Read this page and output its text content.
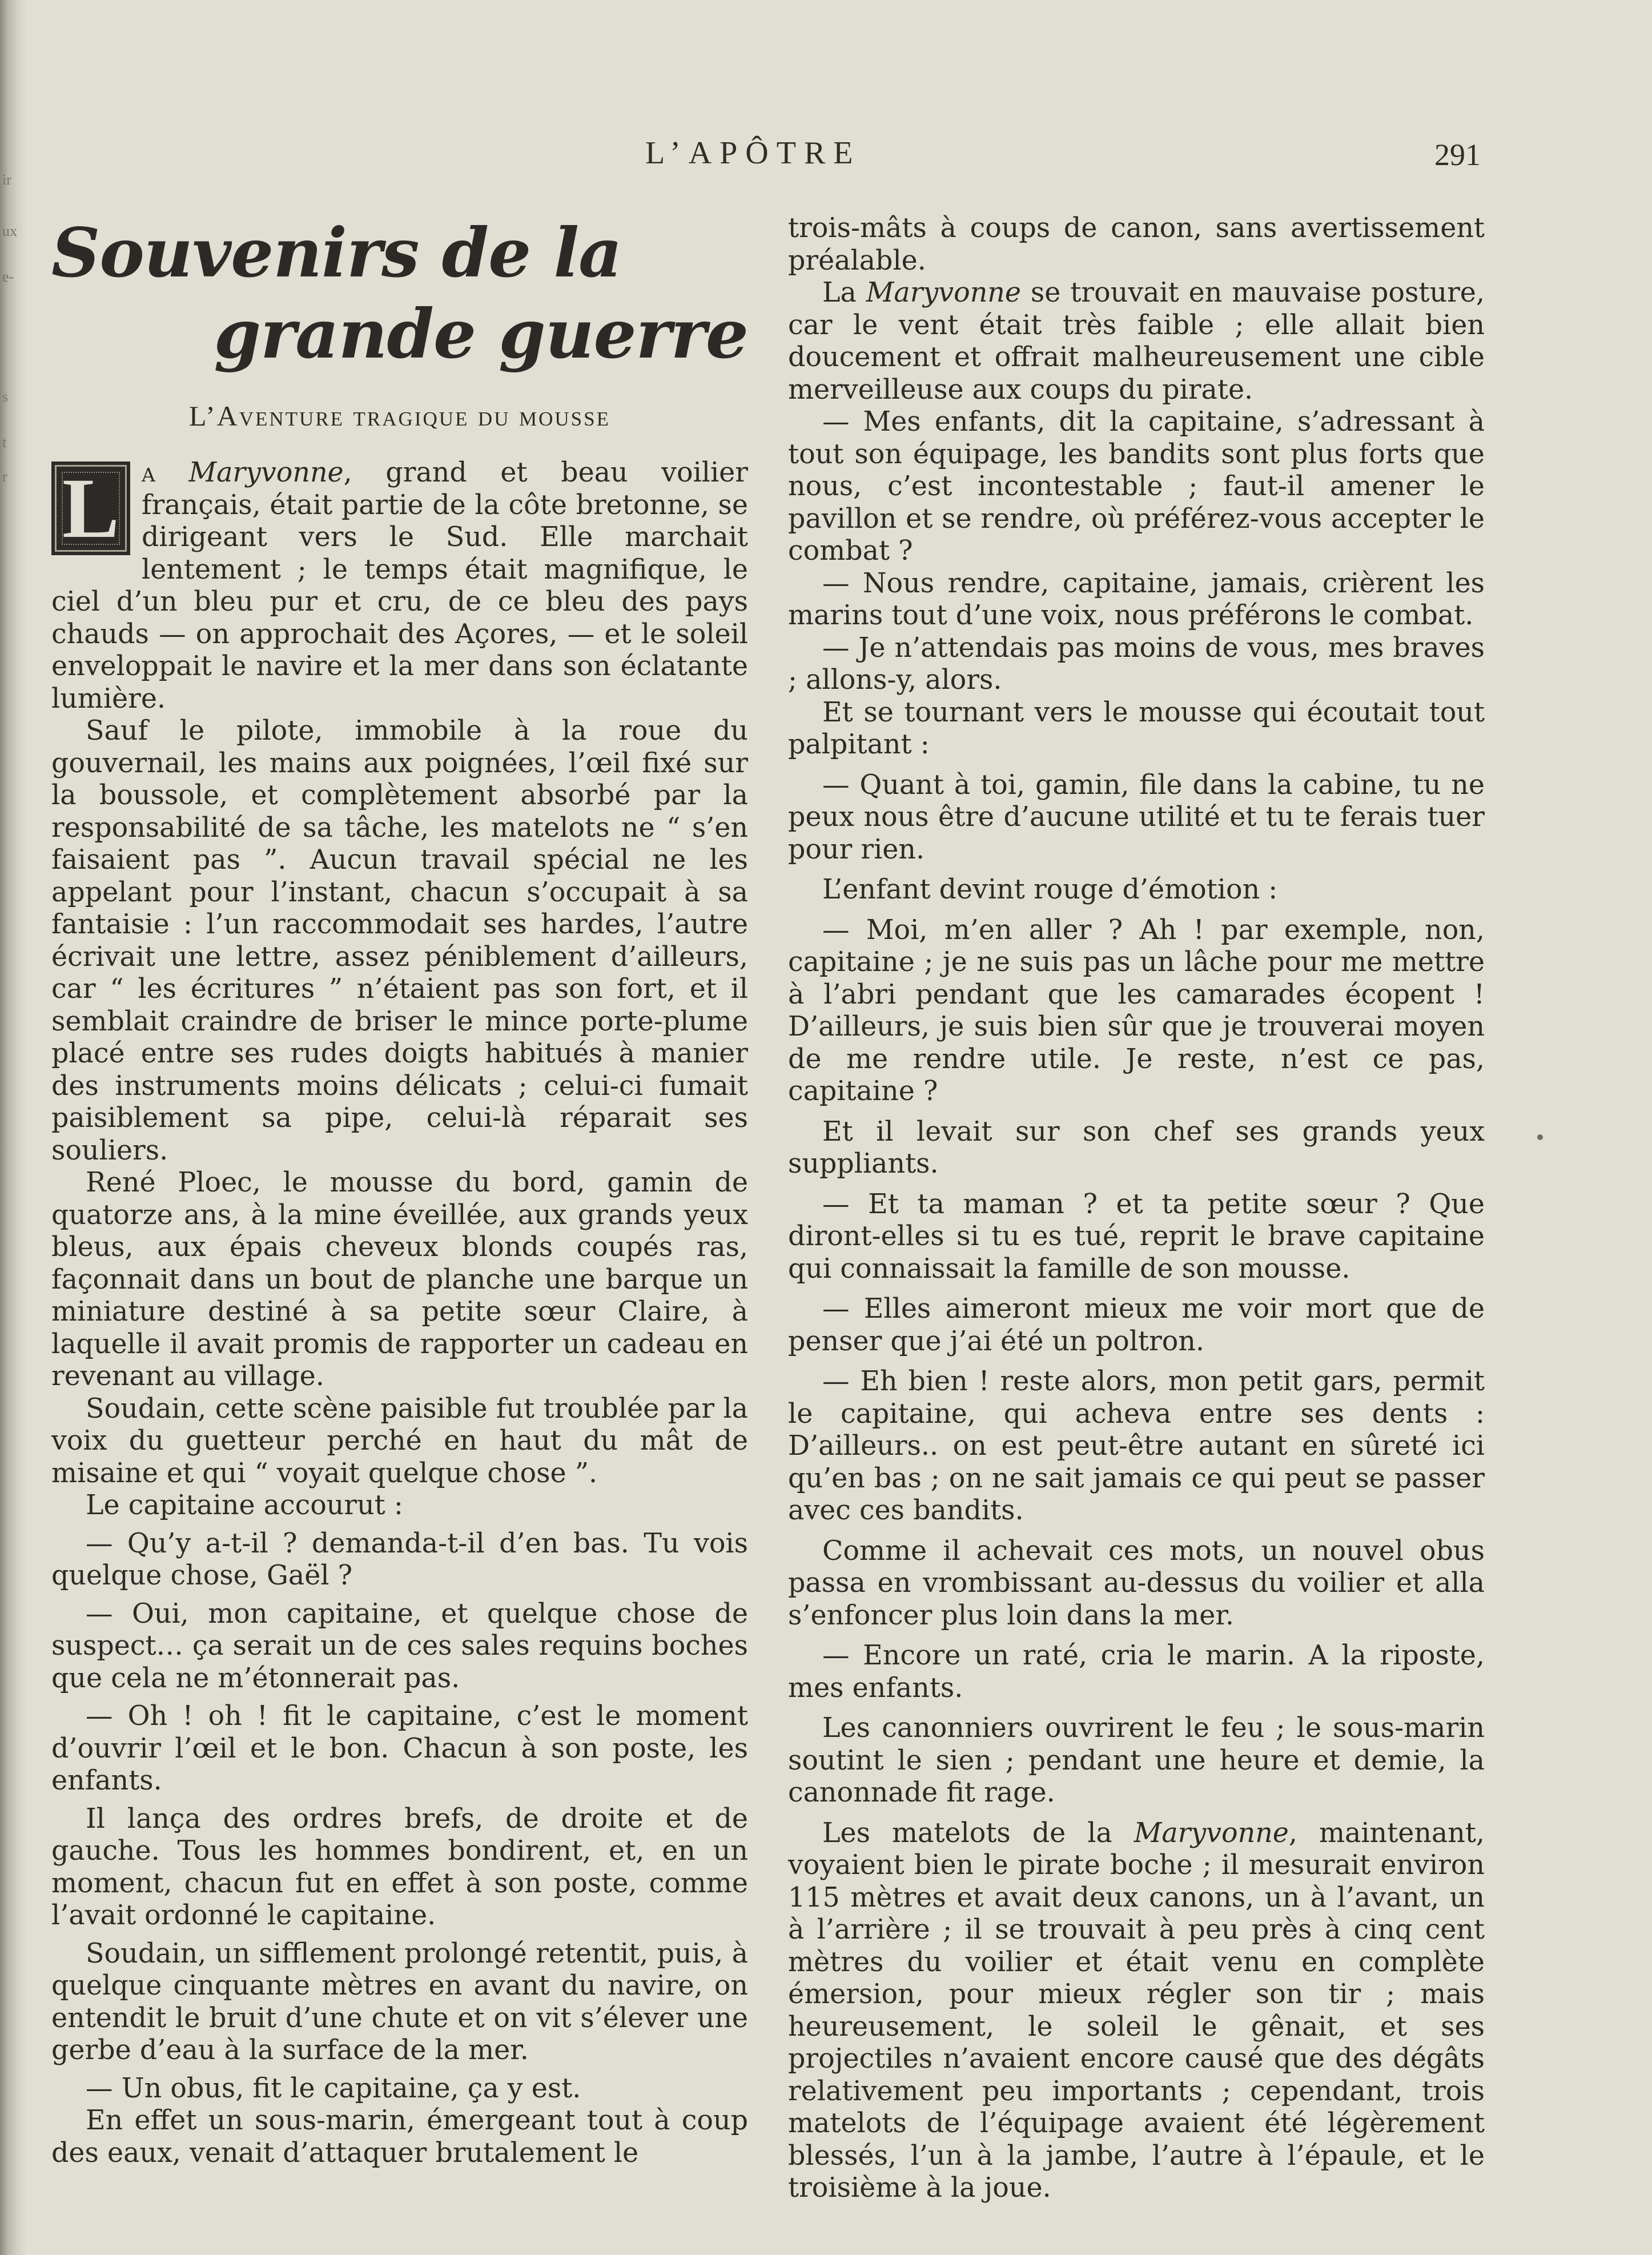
ir
ux
e-
s
t
r

L’APÔTRE	291

Souvenirs de la
grande guerre
L’Aventure tragique du mousse

L a Maryvonne, grand et beau voilier français, était partie de la côte bretonne, se dirigeant vers le Sud. Elle marchait lentement ; le temps était magnifique, le ciel d’un bleu pur et cru, de ce bleu des pays chauds — on approchait des Açores, — et le soleil enveloppait le navire et la mer dans son éclatante lumière.

Sauf le pilote, immobile à la roue du gouvernail, les mains aux poignées, l’œil fixé sur la boussole, et complètement absorbé par la responsabilité de sa tâche, les matelots ne “ s’en faisaient pas ”. Aucun travail spécial ne les appelant pour l’instant, chacun s’occupait à sa fantaisie : l’un raccommodait ses hardes, l’autre écrivait une lettre, assez péniblement d’ailleurs, car “ les écritures ” n’étaient pas son fort, et il semblait craindre de briser le mince porte-plume placé entre ses rudes doigts habitués à manier des instruments moins délicats ; celui-ci fumait paisiblement sa pipe, celui-là réparait ses souliers.

René Ploec, le mousse du bord, gamin de quatorze ans, à la mine éveillée, aux grands yeux bleus, aux épais cheveux blonds coupés ras, façonnait dans un bout de planche une barque un miniature destiné à sa petite sœur Claire, à laquelle il avait promis de rapporter un cadeau en revenant au village.

Soudain, cette scène paisible fut troublée par la voix du guetteur perché en haut du mât de misaine et qui “ voyait quelque chose ”.

Le capitaine accourut :

— Qu’y a-t-il ? demanda-t-il d’en bas. Tu vois quelque chose, Gaël ?

— Oui, mon capitaine, et quelque chose de suspect… ça serait un de ces sales requins boches que cela ne m’étonnerait pas.

— Oh ! oh ! fit le capitaine, c’est le moment d’ouvrir l’œil et le bon. Chacun à son poste, les enfants.

Il lança des ordres brefs, de droite et de gauche. Tous les hommes bondirent, et, en un moment, chacun fut en effet à son poste, comme l’avait ordonné le capitaine.

Soudain, un sifflement prolongé retentit, puis, à quelque cinquante mètres en avant du navire, on entendit le bruit d’une chute et on vit s’élever une gerbe d’eau à la surface de la mer.

— Un obus, fit le capitaine, ça y est.

En effet un sous-marin, émergeant tout à coup des eaux, venait d’attaquer brutalement le

trois-mâts à coups de canon, sans avertissement préalable.

La Maryvonne se trouvait en mauvaise posture, car le vent était très faible ; elle allait bien doucement et offrait malheureusement une cible merveilleuse aux coups du pirate.

— Mes enfants, dit la capitaine, s’adressant à tout son équipage, les bandits sont plus forts que nous, c’est incontestable ; faut-il amener le pavillon et se rendre, où préférez-vous accepter le combat ?

— Nous rendre, capitaine, jamais, crièrent les marins tout d’une voix, nous préférons le combat.

— Je n’attendais pas moins de vous, mes braves ; allons-y, alors.

Et se tournant vers le mousse qui écoutait tout palpitant :

— Quant à toi, gamin, file dans la cabine, tu ne peux nous être d’aucune utilité et tu te ferais tuer pour rien.

L’enfant devint rouge d’émotion :

— Moi, m’en aller ? Ah ! par exemple, non, capitaine ; je ne suis pas un lâche pour me mettre à l’abri pendant que les camarades écopent ! D’ailleurs, je suis bien sûr que je trouverai moyen de me rendre utile. Je reste, n’est ce pas, capitaine ?

Et il levait sur son chef ses grands yeux suppliants.

— Et ta maman ? et ta petite sœur ? Que diront-elles si tu es tué, reprit le brave capitaine qui connaissait la famille de son mousse.

— Elles aimeront mieux me voir mort que de penser que j’ai été un poltron.

— Eh bien ! reste alors, mon petit gars, permit le capitaine, qui acheva entre ses dents : D’ailleurs.. on est peut-être autant en sûreté ici qu’en bas ; on ne sait jamais ce qui peut se passer avec ces bandits.

Comme il achevait ces mots, un nouvel obus passa en vrombissant au-dessus du voilier et alla s’enfoncer plus loin dans la mer.

— Encore un raté, cria le marin. A la riposte, mes enfants.

Les canonniers ouvrirent le feu ; le sous-marin soutint le sien ; pendant une heure et demie, la canonnade fit rage.

Les matelots de la Maryvonne, maintenant, voyaient bien le pirate boche ; il mesurait environ 115 mètres et avait deux canons, un à l’avant, un à l’arrière ; il se trouvait à peu près à cinq cent mètres du voilier et était venu en complète émersion, pour mieux régler son tir ; mais heureusement, le soleil le gênait, et ses projectiles n’avaient encore causé que des dégâts relativement peu importants ; cependant, trois matelots de l’équipage avaient été légèrement blessés, l’un à la jambe, l’autre à l’épaule, et le troisième à la joue.
